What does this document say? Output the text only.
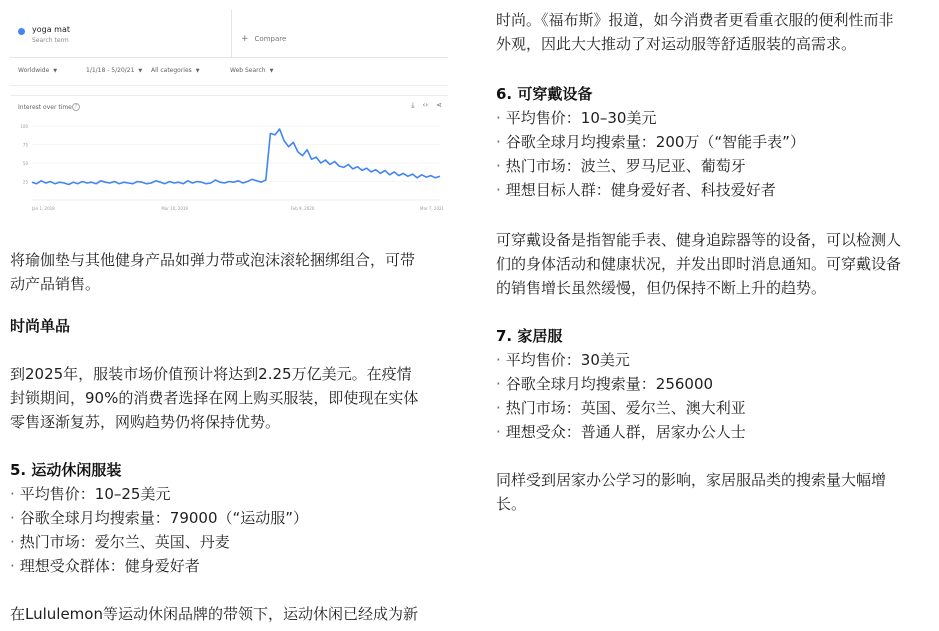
yoga mat
Search term	+ Compare
Worldwide ▼	1/1/18 - 5/20/21 ▼ All categories ▼	Web Search ▼
Interest over time ?	⤓ ‹› ⋖
100
75
50
25
Jan 1, 2018	Mar 10, 2019	Feb 9, 2020	Mar 7, 2021
将瑜伽垫与其他健身产品如弹力带或泡沫滚轮捆绑组合，可带
动产品销售。
时尚单品
到2025年，服装市场价值预计将达到2.25万亿美元。在疫情
封锁期间，90%的消费者选择在网上购买服装，即使现在实体
零售逐渐复苏，网购趋势仍将保持优势。
5. 运动休闲服装
· 平均售价：10–25美元
· 谷歌全球月均搜索量：79000（“运动服”）
· 热门市场：爱尔兰、英国、丹麦
· 理想受众群体：健身爱好者
在Lululemon等运动休闲品牌的带领下，运动休闲已经成为新
时尚。《福布斯》报道，如今消费者更看重衣服的便利性而非
外观，因此大大推动了对运动服等舒适服装的高需求。
6. 可穿戴设备
· 平均售价：10–30美元
· 谷歌全球月均搜索量：200万（“智能手表”）
· 热门市场：波兰、罗马尼亚、葡萄牙
· 理想目标人群：健身爱好者、科技爱好者
可穿戴设备是指智能手表、健身追踪器等的设备，可以检测人
们的身体活动和健康状况，并发出即时消息通知。可穿戴设备
的销售增长虽然缓慢，但仍保持不断上升的趋势。
7. 家居服
· 平均售价：30美元
· 谷歌全球月均搜索量：256000
· 热门市场：英国、爱尔兰、澳大利亚
· 理想受众：普通人群，居家办公人士
同样受到居家办公学习的影响，家居服品类的搜索量大幅增
长。
